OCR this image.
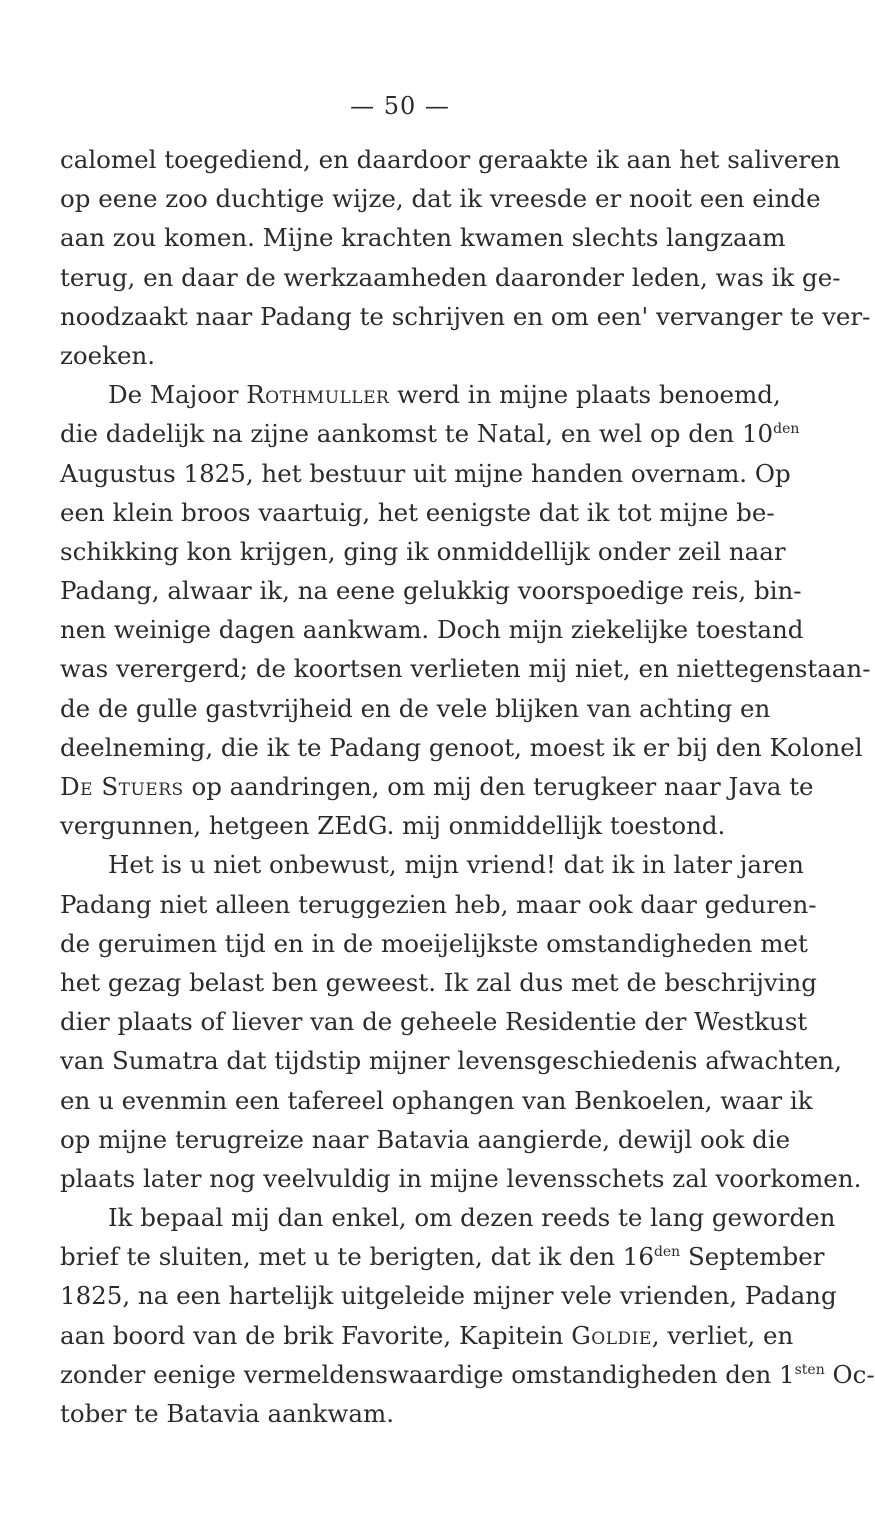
— 50 —
calomel toegediend, en daardoor geraakte ik aan het saliveren
op eene zoo duchtige wijze, dat ik vreesde er nooit een einde
aan zou komen. Mijne krachten kwamen slechts langzaam
terug, en daar de werkzaamheden daaronder leden, was ik ge-
noodzaakt naar Padang te schrijven en om een' vervanger te ver-
zoeken.
De Majoor Rothmuller werd in mijne plaats benoemd,
die dadelijk na zijne aankomst te Natal, en wel op den $10^{den}$
Augustus 1825, het bestuur uit mijne handen overnam. Op
een klein broos vaartuig, het eenigste dat ik tot mijne be-
schikking kon krijgen, ging ik onmiddellijk onder zeil naar
Padang, alwaar ik, na eene gelukkig voorspoedige reis, bin-
nen weinige dagen aankwam. Doch mijn ziekelijke toestand
was verergerd; de koortsen verlieten mij niet, en niettegenstaan-
de de gulle gastvrijheid en de vele blijken van achting en
deelneming, die ik te Padang genoot, moest ik er bij den Kolonel
De Stuers op aandringen, om mij den terugkeer naar Java te
vergunnen, hetgeen ZEdG. mij onmiddellijk toestond.
Het is u niet onbewust, mijn vriend! dat ik in later jaren
Padang niet alleen teruggezien heb, maar ook daar geduren-
de geruimen tijd en in de moeijelijkste omstandigheden met
het gezag belast ben geweest. Ik zal dus met de beschrijving
dier plaats of liever van de geheele Residentie der Westkust
van Sumatra dat tijdstip mijner levensgeschiedenis afwachten,
en u evenmin een tafereel ophangen van Benkoelen, waar ik
op mijne terugreize naar Batavia aangierde, dewijl ook die
plaats later nog veelvuldig in mijne levensschets zal voorkomen.
Ik bepaal mij dan enkel, om dezen reeds te lang geworden
brief te sluiten, met u te berigten, dat ik den $16^{den}$ September
1825, na een hartelijk uitgeleide mijner vele vrienden, Padang
aan boord van de brik Favorite, Kapitein Goldie, verliet, en
zonder eenige vermeldenswaardige omstandigheden den $1^{sten}$ Oc-
tober te Batavia aankwam.
